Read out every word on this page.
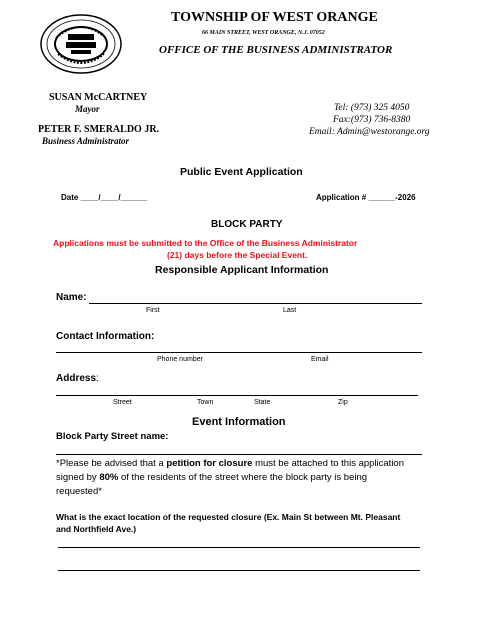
TOWNSHIP OF WEST ORANGE
66 MAIN STREET, WEST ORANGE, N.J. 07052
OFFICE OF THE BUSINESS ADMINISTRATOR
SUSAN McCARTNEY
Mayor
PETER F. SMERALDO JR.
Business Administrator
Tel: (973) 325 4050
Fax:(973) 736-8380
Email: Admin@westorange.org
Public Event Application
Date ____/____/______	Application # ______-2026
BLOCK PARTY
Applications must be submitted to the Office of the Business Administrator
(21) days before the Special Event.
Responsible Applicant Information
Name:
First	Last
Contact Information:
Phone number	Email
Address:
Street	Town	State	Zip
Event Information
Block Party Street name:
*Please be advised that a petition for closure must be attached to this application
signed by 80% of the residents of the street where the block party is being
requested*
What is the exact location of the requested closure (Ex. Main St between Mt. Pleasant
and Northfield Ave.)
